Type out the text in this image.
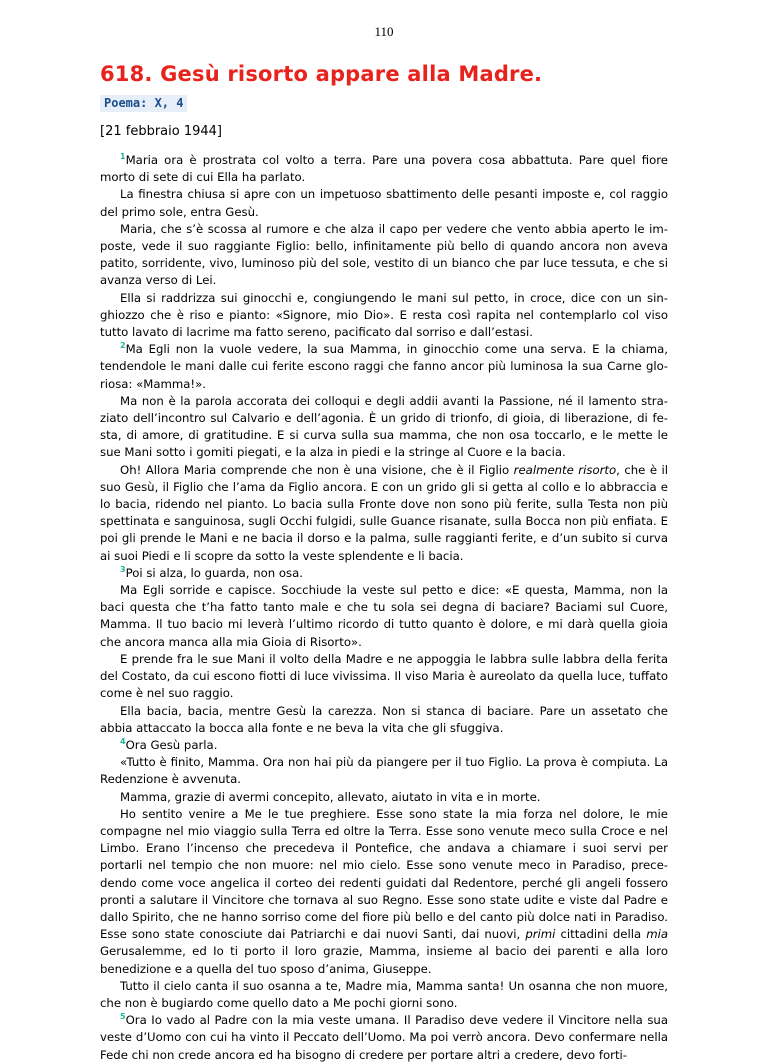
110
618. Gesù risorto appare alla Madre.
Poema: X, 4
[21 febbraio 1944]

$^1$Maria ora è prostrata col volto a terra. Pare una povera cosa abbattuta. Pare quel fiore morto di sete di cui Ella ha parlato.

La finestra chiusa si apre con un impetuoso sbattimento delle pesanti imposte e, col raggio del primo sole, entra Gesù.

Maria, che s’è scossa al rumore e che alza il capo per vedere che vento abbia aperto le imposte, vede il suo raggiante Figlio: bello, infinitamente più bello di quando ancora non aveva patito, sorridente, vivo, luminoso più del sole, vestito di un bianco che par luce tessuta, e che si avanza verso di Lei.

Ella si raddrizza sui ginocchi e, congiungendo le mani sul petto, in croce, dice con un singhiozzo che è riso e pianto: «Signore, mio Dio». E resta così rapita nel contemplarlo col viso tutto lavato di lacrime ma fatto sereno, pacificato dal sorriso e dall’estasi.

$^2$Ma Egli non la vuole vedere, la sua Mamma, in ginocchio come una serva. E la chiama, tendendole le mani dalle cui ferite escono raggi che fanno ancor più luminosa la sua Carne gloriosa: «Mamma!».

Ma non è la parola accorata dei colloqui e degli addii avanti la Passione, né il lamento straziato dell’incontro sul Calvario e dell’agonia. È un grido di trionfo, di gioia, di liberazione, di festa, di amore, di gratitudine. E si curva sulla sua mamma, che non osa toccarlo, e le mette le sue Mani sotto i gomiti piegati, e la alza in piedi e la stringe al Cuore e la bacia.

Oh! Allora Maria comprende che non è una visione, che è il Figlio realmente risorto, che è il suo Gesù, il Figlio che l’ama da Figlio ancora. E con un grido gli si getta al collo e lo abbraccia e lo bacia, ridendo nel pianto. Lo bacia sulla Fronte dove non sono più ferite, sulla Testa non più spettinata e sanguinosa, sugli Occhi fulgidi, sulle Guance risanate, sulla Bocca non più enfiata. E poi gli prende le Mani e ne bacia il dorso e la palma, sulle raggianti ferite, e d’un subito si curva ai suoi Piedi e li scopre da sotto la veste splendente e li bacia.

$^3$Poi si alza, lo guarda, non osa.

Ma Egli sorride e capisce. Socchiude la veste sul petto e dice: «E questa, Mamma, non la baci questa che t’ha fatto tanto male e che tu sola sei degna di baciare? Baciami sul Cuore, Mamma. Il tuo bacio mi leverà l’ultimo ricordo di tutto quanto è dolore, e mi darà quella gioia che ancora manca alla mia Gioia di Risorto».

E prende fra le sue Mani il volto della Madre e ne appoggia le labbra sulle labbra della ferita del Costato, da cui escono fiotti di luce vivissima. Il viso Maria è aureolato da quella luce, tuffato come è nel suo raggio.

Ella bacia, bacia, mentre Gesù la carezza. Non si stanca di baciare. Pare un assetato che abbia attaccato la bocca alla fonte e ne beva la vita che gli sfuggiva.

$^4$Ora Gesù parla.

«Tutto è finito, Mamma. Ora non hai più da piangere per il tuo Figlio. La prova è compiuta. La Redenzione è avvenuta.

Mamma, grazie di avermi concepito, allevato, aiutato in vita e in morte.

Ho sentito venire a Me le tue preghiere. Esse sono state la mia forza nel dolore, le mie compagne nel mio viaggio sulla Terra ed oltre la Terra. Esse sono venute meco sulla Croce e nel Limbo. Erano l’incenso che precedeva il Pontefice, che andava a chiamare i suoi servi per portarli nel tempio che non muore: nel mio cielo. Esse sono venute meco in Paradiso, precedendo come voce angelica il corteo dei redenti guidati dal Redentore, perché gli angeli fossero pronti a salutare il Vincitore che tornava al suo Regno. Esse sono state udite e viste dal Padre e dallo Spirito, che ne hanno sorriso come del fiore più bello e del canto più dolce nati in Paradiso. Esse sono state conosciute dai Patriarchi e dai nuovi Santi, dai nuovi, primi cittadini della mia Gerusalemme, ed Io ti porto il loro grazie, Mamma, insieme al bacio dei parenti e alla loro benedizione e a quella del tuo sposo d’anima, Giuseppe.

Tutto il cielo canta il suo osanna a te, Madre mia, Mamma santa! Un osanna che non muore, che non è bugiardo come quello dato a Me pochi giorni sono.

$^5$Ora Io vado al Padre con la mia veste umana. Il Paradiso deve vedere il Vincitore nella sua veste d’Uomo con cui ha vinto il Peccato dell’Uomo. Ma poi verrò ancora. Devo confermare nella Fede chi non crede ancora ed ha bisogno di credere per portare altri a credere, devo forti-
